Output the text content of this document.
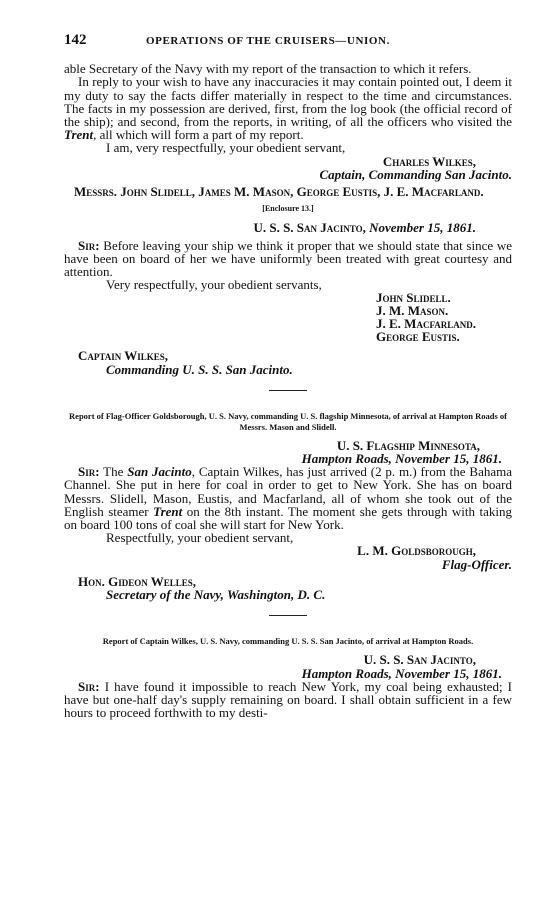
142	OPERATIONS OF THE CRUISERS—UNION.

able Secretary of the Navy with my report of the transaction to which it refers.

In reply to your wish to have any inaccuracies it may contain pointed out, I deem it my duty to say the facts differ materially in respect to the time and circumstances. The facts in my possession are derived, first, from the log book (the official record of the ship); and second, from the reports, in writing, of all the officers who visited the Trent, all which will form a part of my report.

I am, very respectfully, your obedient servant,

Charles Wilkes,

Captain, Commanding San Jacinto.

Messrs. John Slidell, James M. Mason, George Eustis, J. E. Macfarland.

[Enclosure 13.]

U. S. S. San Jacinto, November 15, 1861.

Sir: Before leaving your ship we think it proper that we should state that since we have been on board of her we have uniformly been treated with great courtesy and attention.

Very respectfully, your obedient servants,

John Slidell.
J. M. Mason.
J. E. Macfarland.
George Eustis.

Captain Wilkes,

Commanding U. S. S. San Jacinto.

Report of Flag-Officer Goldsborough, U. S. Navy, commanding U. S. flagship Minnesota, of arrival at Hampton Roads of Messrs. Mason and Slidell.

U. S. Flagship Minnesota,

Hampton Roads, November 15, 1861.

Sir: The San Jacinto, Captain Wilkes, has just arrived (2 p. m.) from the Bahama Channel. She put in here for coal in order to get to New York. She has on board Messrs. Slidell, Mason, Eustis, and Macfarland, all of whom she took out of the English steamer Trent on the 8th instant. The moment she gets through with taking on board 100 tons of coal she will start for New York.

Respectfully, your obedient servant,

L. M. Goldsborough,

Flag-Officer.

Hon. Gideon Welles,

Secretary of the Navy, Washington, D. C.

Report of Captain Wilkes, U. S. Navy, commanding U. S. S. San Jacinto, of arrival at Hampton Roads.

U. S. S. San Jacinto,

Hampton Roads, November 15, 1861.

Sir: I have found it impossible to reach New York, my coal being exhausted; I have but one-half day's supply remaining on board. I shall obtain sufficient in a few hours to proceed forthwith to my desti-
